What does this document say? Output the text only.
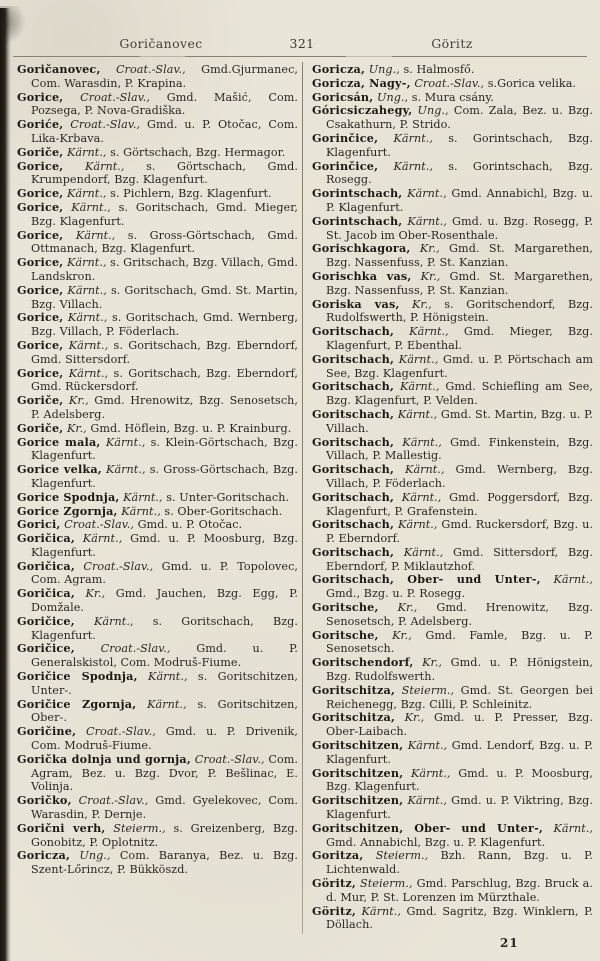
Goričanovec	321	Göritz

Goričanovec, Croat.-Slav., Gmd.Gjurmanec, Com. Warasdin, P. Krapina.

Gorice, Croat.-Slav., Gmd. Mašić, Com. Pozsega, P. Nova-Gradiška.

Goriće, Croat.-Slav., Gmd. u. P. Otočac, Com. Lika-Krbava.

Goriče, Kärnt., s. Görtschach, Bzg. Hermagor.

Gorice, Kärnt., s. Görtschach, Gmd. Krumpendorf, Bzg. Klagenfurt.

Gorice, Kärnt., s. Pichlern, Bzg. Klagenfurt.

Gorice, Kärnt., s. Goritschach, Gmd. Mieger, Bzg. Klagenfurt.

Gorice, Kärnt., s. Gross-Görtschach, Gmd. Ottmanach, Bzg. Klagenfurt.

Gorice, Kärnt., s. Gritschach, Bzg. Villach, Gmd. Landskron.

Gorice, Kärnt., s. Goritschach, Gmd. St. Martin, Bzg. Villach.

Gorice, Kärnt., s. Goritschach, Gmd. Wernberg, Bzg. Villach, P. Föderlach.

Gorice, Kärnt., s. Goritschach, Bzg. Eberndorf, Gmd. Sittersdorf.

Gorice, Kärnt., s. Goritschach, Bzg. Eberndorf, Gmd. Rückersdorf.

Goriče, Kr., Gmd. Hrenowitz, Bzg. Senosetsch, P. Adelsberg.

Goriče, Kr., Gmd. Höflein, Bzg. u. P. Krainburg.

Gorice mala, Kärnt., s. Klein-Görtschach, Bzg. Klagenfurt.

Gorice velka, Kärnt., s. Gross-Görtschach, Bzg. Klagenfurt.

Gorice Spodnja, Kärnt., s. Unter-Goritschach.

Gorice Zgornja, Kärnt., s. Ober-Goritschach.

Gorici, Croat.-Slav., Gmd. u. P. Otočac.

Goričica, Kärnt., Gmd. u. P. Moosburg, Bzg. Klagenfurt.

Goričica, Croat.-Slav., Gmd. u. P. Topolovec, Com. Agram.

Goričica, Kr., Gmd. Jauchen, Bzg. Egg, P. Domžale.

Goričice, Kärnt., s. Goritschach, Bzg. Klagenfurt.

Goričice, Croat.-Slav., Gmd. u. P. Generalskistol, Com. Modruš-Fiume.

Goričice Spodnja, Kärnt., s. Goritschitzen, Unter-.

Goričice Zgornja, Kärnt., s. Goritschitzen, Ober-.

Goričine, Croat.-Slav., Gmd. u. P. Drivenik, Com. Modruš-Fiume.

Gorička dolnja und gornja, Croat.-Slav., Com. Agram, Bez. u. Bzg. Dvor, P. Bešlinac, E. Volinja.

Goričko, Croat.-Slav., Gmd. Gyelekovec, Com. Warasdin, P. Dernje.

Gorični verh, Steierm., s. Greizenberg, Bzg. Gonobitz, P. Oplotnitz.

Goricza, Ung., Com. Baranya, Bez. u. Bzg. Szent-Lőrincz, P. Bükköszd.

Goricza, Ung., s. Halmosfő.

Goricza, Nagy-, Croat.-Slav., s.Gorica velika.

Goricsán, Ung., s. Mura csány.

Góricsiczahegy, Ung., Com. Zala, Bez. u. Bzg. Csakathurn, P. Strido.

Gorinčice, Kärnt., s. Gorintschach, Bzg. Klagenfurt.

Gorinčice, Kärnt., s. Gorintschach, Bzg. Rosegg.

Gorintschach, Kärnt., Gmd. Annabichl, Bzg. u. P. Klagenfurt.

Gorintschach, Kärnt., Gmd. u. Bzg. Rosegg, P. St. Jacob im Ober-Rosenthale.

Gorischkagora, Kr., Gmd. St. Margarethen, Bzg. Nassenfuss, P. St. Kanzian.

Gorischka vas, Kr., Gmd. St. Margarethen, Bzg. Nassenfuss, P. St. Kanzian.

Goriska vas, Kr., s. Goritschendorf, Bzg. Rudolfswerth, P. Hönigstein.

Goritschach, Kärnt., Gmd. Mieger, Bzg. Klagenfurt, P. Ebenthal.

Goritschach, Kärnt., Gmd. u. P. Pörtschach am See, Bzg. Klagenfurt.

Goritschach, Kärnt., Gmd. Schiefling am See, Bzg. Klagenfurt, P. Velden.

Goritschach, Kärnt., Gmd. St. Martin, Bzg. u. P. Villach.

Goritschach, Kärnt., Gmd. Finkenstein, Bzg. Villach, P. Mallestig.

Goritschach, Kärnt., Gmd. Wernberg, Bzg. Villach, P. Föderlach.

Goritschach, Kärnt., Gmd. Poggersdorf, Bzg. Klagenfurt, P. Grafenstein.

Goritschach, Kärnt., Gmd. Ruckersdorf, Bzg. u. P. Eberndorf.

Goritschach, Kärnt., Gmd. Sittersdorf, Bzg. Eberndorf, P. Miklautzhof.

Goritschach, Ober- und Unter-, Kärnt., Gmd., Bzg. u. P. Rosegg.

Goritsche, Kr., Gmd. Hrenowitz, Bzg. Senosetsch, P. Adelsberg.

Goritsche, Kr., Gmd. Famle, Bzg. u. P. Senosetsch.

Goritschendorf, Kr., Gmd. u. P. Hönigstein, Bzg. Rudolfswerth.

Goritschitza, Steierm., Gmd. St. Georgen bei Reichenegg, Bzg. Cilli, P. Schleinitz.

Goritschitza, Kr., Gmd. u. P. Presser, Bzg. Ober-Laibach.

Goritschitzen, Kärnt., Gmd. Lendorf, Bzg. u. P. Klagenfurt.

Goritschitzen, Kärnt., Gmd. u. P. Moosburg, Bzg. Klagenfurt.

Goritschitzen, Kärnt., Gmd. u. P. Viktring, Bzg. Klagenfurt.

Goritschitzen, Ober- und Unter-, Kärnt., Gmd. Annabichl, Bzg. u. P. Klagenfurt.

Goritza, Steierm., Bzh. Rann, Bzg. u. P. Lichtenwald.

Göritz, Steierm., Gmd. Parschlug, Bzg. Bruck a. d. Mur, P. St. Lorenzen im Mürzthale.

Göritz, Kärnt., Gmd. Sagritz, Bzg. Winklern, P. Döllach.

21
